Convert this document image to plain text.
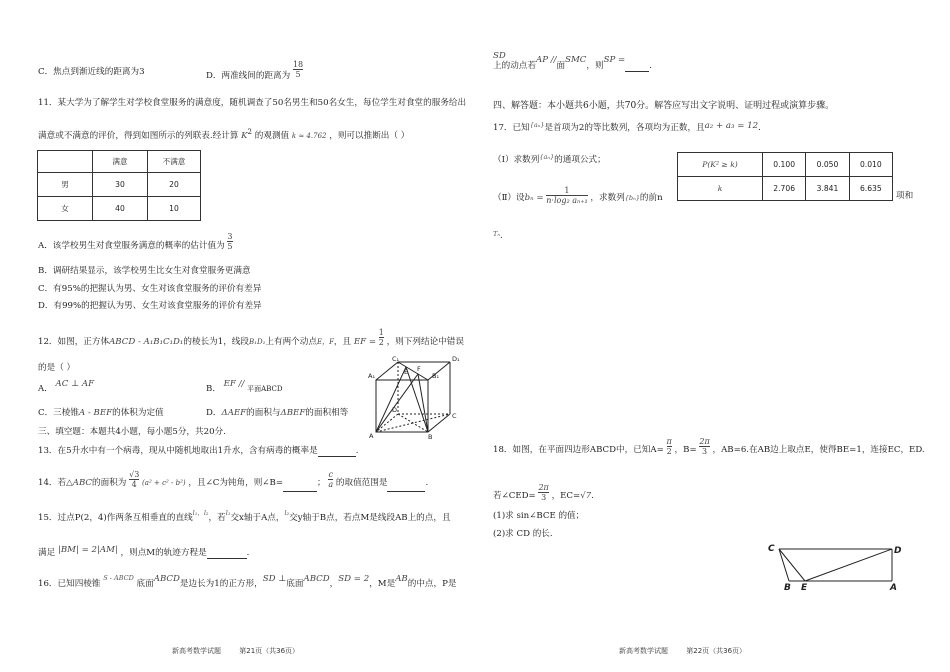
C．焦点到渐近线的距离为3	D．两准线间的距离为 $\frac{18}{5}$
11．某大学为了解学生对学校食堂服务的满意度，随机调查了50名男生和50名女生，每位学生对食堂的服务给出
满意或不满意的评价，得到如图所示的列联表.经计算 $K^2$ 的观测值 k ≈ 4.762 ，则可以推断出（ ）
	满意	不满意
男	30	20
女	40	10
A．该学校男生对食堂服务满意的概率的估计值为 $\frac{3}{5}$
B．调研结果显示，该学校男生比女生对食堂服务更满意
C．有95%的把握认为男、女生对该食堂服务的评价有差异
D．有99%的把握认为男、女生对该食堂服务的评价有差异
12．如图，正方体ABCD - A₁B₁C₁D₁的棱长为1，线段B₁D₁上有两个动点E，F，且 EF = $\frac{1}{2}$ ，则下列结论中错误
的是（ ）
A． AC ⊥ AF	B． EF // 平面ABCD
C．三棱锥A - BEF的体积为定值	D．ΔAEF的面积与ΔBEF的面积相等
C₁
B₁
D₁
A₁	E F
D
C
A	B
三、填空题：本题共4小题，每小题5分，共20分.
13．在5升水中有一个病毒，现从中随机地取出1升水，含有病毒的概率是	.
14．若△ABC的面积为 $\frac{√3}{4} (a^2 + c^2 - b^2)$ ，且∠C为钝角，则∠B=	； $\frac{c}{a}$ 的取值范围是	.
15．过点P(2，4)作两条互相垂直的直线$^{l_1,l_2}$，若$^{l_1}$交x轴于A点，$^{l_2}$交y轴于B点，若点M是线段AB上的点，且
满足 |BM| = 2|AM| ，则点M的轨迹方程是	.
16．已知四棱锥 $^{S - ABCD}$ 底面ABCD是边长为1的正方形，SD ⊥底面ABCD，SD = 2，M是AB的中点，P是
新高考数学试题	第21页（共36页）
SD
上的动点若AP //面SMC，则SP =.
四、解答题：本小题共6小题，共70分。解答应写出文字说明、证明过程或演算步骤。
17．已知$^{\{a_n\}}$是首项为2的等比数列，各项均为正数，且a₂ + a₃ = 12.
（Ⅰ）求数列$^{\{a_n\}}$的通项公式；	P(K² ≥ k)	0.100	0.050	0.010
k	2.706	3.841	6.635
（Ⅱ）设$b_n = \frac{1}{\text{n·log₂ aₙ₊₁}}$ ，求数列{bₙ}的前n	项和
$^{T_n}$.
18．如图，在平面四边形ABCD中，已知$A= \frac{\pi}{2}$ ，$B= \frac{2\pi}{3}$ ，AB=6.在AB边上取点E，使得BE=1，连接EC，ED.
若∠CED= $\frac{2\pi}{3}$ ，EC=√7.
(1)求 sin∠BCE 的值；
(2)求 CD 的长.
C	D
B E	A
新高考数学试题	第22页（共36页）
